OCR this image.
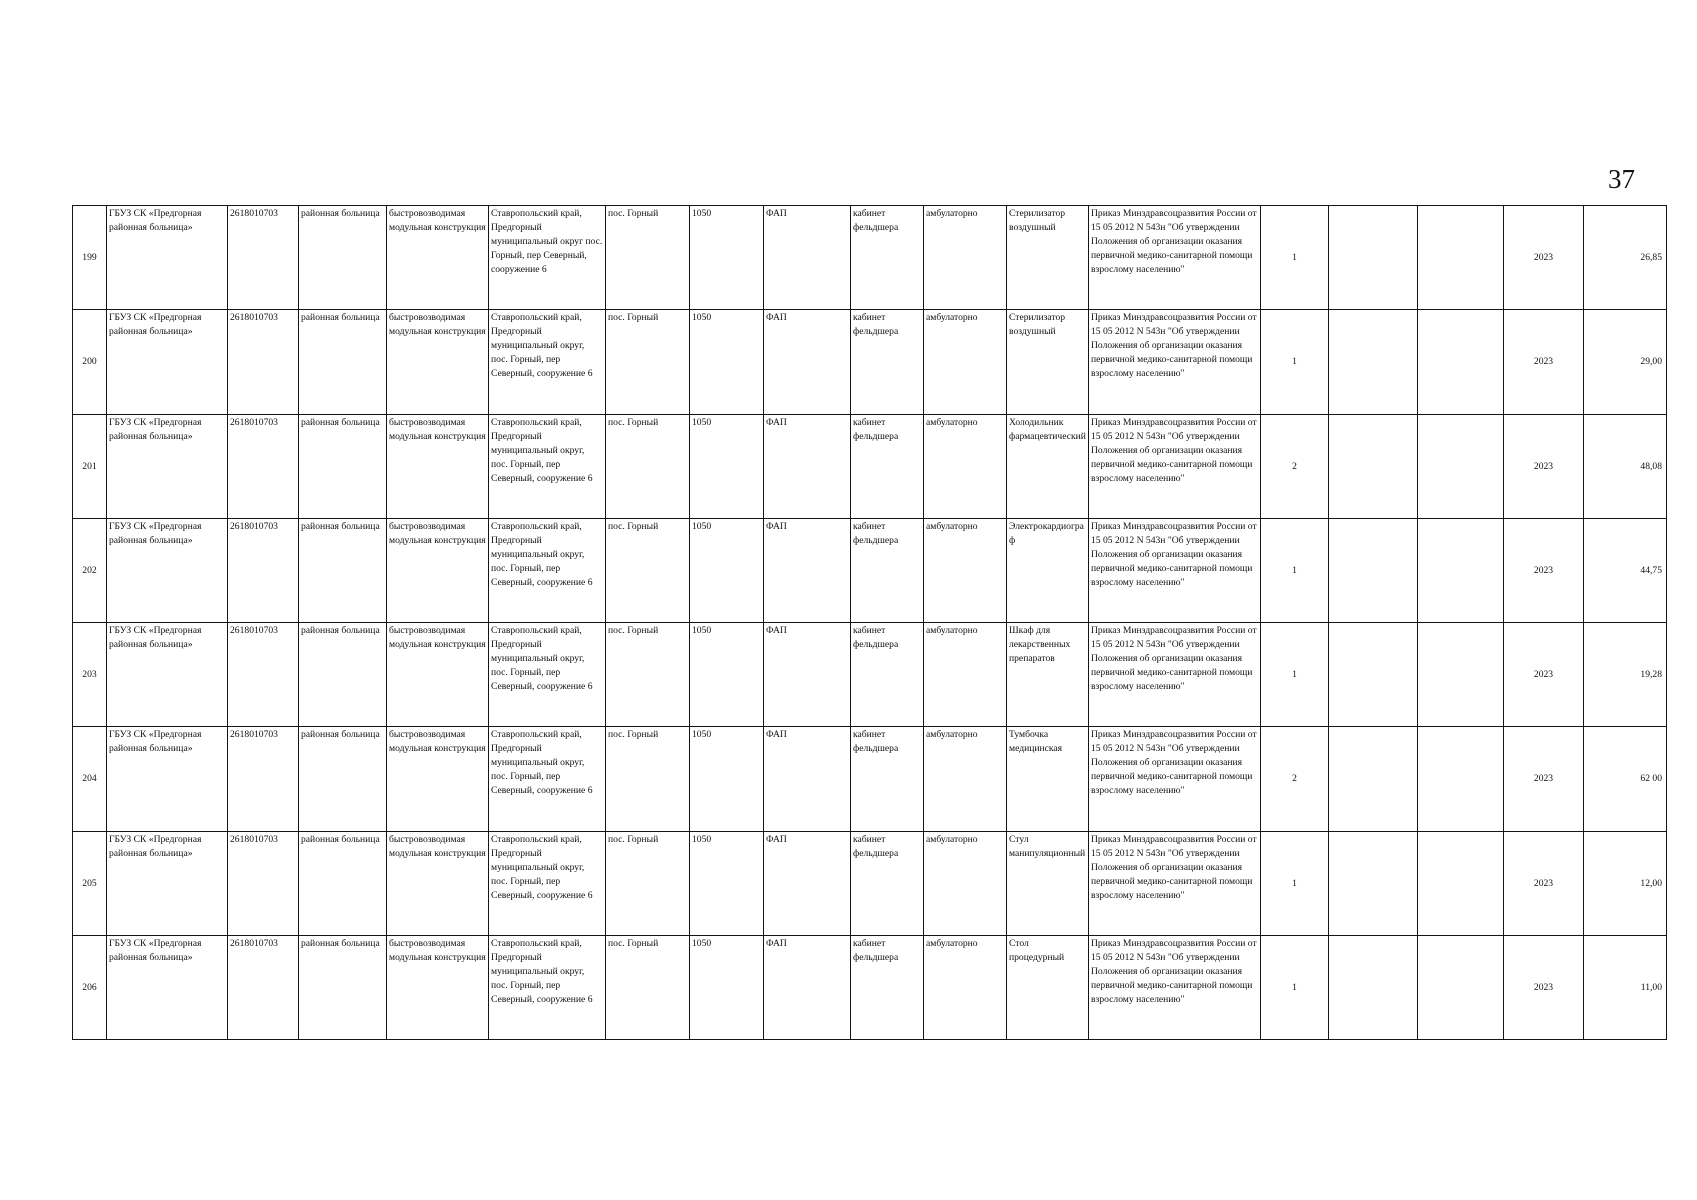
37
199	ГБУЗ СК «Предгорная районная больница»	2618010703	районная больница	быстровозводимая модульная конструкция	Ставропольский край, Предгорный муниципальный округ пос. Горный, пер Северный, сооружение 6	пос. Горный	1050	ФАП	кабинет фельдшера	амбулаторно	Стерилизатор воздушный	Приказ Минздравсоцразвития России от 15 05 2012 N 543н "Об утверждении Положения об организации оказания первичной медико-санитарной помощи взрослому населению"	1			2023	26,85
200	ГБУЗ СК «Предгорная районная больница»	2618010703	районная больница	быстровозводимая модульная конструкция	Ставропольский край, Предгорный муниципальный округ, пос. Горный, пер Северный, сооружение 6	пос. Горный	1050	ФАП	кабинет фельдшера	амбулаторно	Стерилизатор воздушный	Приказ Минздравсоцразвития России от 15 05 2012 N 543н "Об утверждении Положения об организации оказания первичной медико-санитарной помощи взрослому населению"	1			2023	29,00
201	ГБУЗ СК «Предгорная районная больница»	2618010703	районная больница	быстровозводимая модульная конструкция	Ставропольский край, Предгорный муниципальный округ, пос. Горный, пер Северный, сооружение 6	пос. Горный	1050	ФАП	кабинет фельдшера	амбулаторно	Холодильник фармацевтический	Приказ Минздравсоцразвития России от 15 05 2012 N 543н "Об утверждении Положения об организации оказания первичной медико-санитарной помощи взрослому населению"	2			2023	48,08
202	ГБУЗ СК «Предгорная районная больница»	2618010703	районная больница	быстровозводимая модульная конструкция	Ставропольский край, Предгорный муниципальный округ, пос. Горный, пер Северный, сооружение 6	пос. Горный	1050	ФАП	кабинет фельдшера	амбулаторно	Электрокардиограф	Приказ Минздравсоцразвития России от 15 05 2012 N 543н "Об утверждении Положения об организации оказания первичной медико-санитарной помощи взрослому населению"	1			2023	44,75
203	ГБУЗ СК «Предгорная районная больница»	2618010703	районная больница	быстровозводимая модульная конструкция	Ставропольский край, Предгорный муниципальный округ, пос. Горный, пер Северный, сооружение 6	пос. Горный	1050	ФАП	кабинет фельдшера	амбулаторно	Шкаф для лекарственных препаратов	Приказ Минздравсоцразвития России от 15 05 2012 N 543н "Об утверждении Положения об организации оказания первичной медико-санитарной помощи взрослому населению"	1			2023	19,28
204	ГБУЗ СК «Предгорная районная больница»	2618010703	районная больница	быстровозводимая модульная конструкция	Ставропольский край, Предгорный муниципальный округ, пос. Горный, пер Северный, сооружение 6	пос. Горный	1050	ФАП	кабинет фельдшера	амбулаторно	Тумбочка медицинская	Приказ Минздравсоцразвития России от 15 05 2012 N 543н "Об утверждении Положения об организации оказания первичной медико-санитарной помощи взрослому населению"	2			2023	62 00
205	ГБУЗ СК «Предгорная районная больница»	2618010703	районная больница	быстровозводимая модульная конструкция	Ставропольский край, Предгорный муниципальный округ, пос. Горный, пер Северный, сооружение 6	пос. Горный	1050	ФАП	кабинет фельдшера	амбулаторно	Стул манипуляционный	Приказ Минздравсоцразвития России от 15 05 2012 N 543н "Об утверждении Положения об организации оказания первичной медико-санитарной помощи взрослому населению"	1			2023	12,00
206	ГБУЗ СК «Предгорная районная больница»	2618010703	районная больница	быстровозводимая модульная конструкция	Ставропольский край, Предгорный муниципальный округ, пос. Горный, пер Северный, сооружение 6	пос. Горный	1050	ФАП	кабинет фельдшера	амбулаторно	Стол процедурный	Приказ Минздравсоцразвития России от 15 05 2012 N 543н "Об утверждении Положения об организации оказания первичной медико-санитарной помощи взрослому населению"	1			2023	11,00
